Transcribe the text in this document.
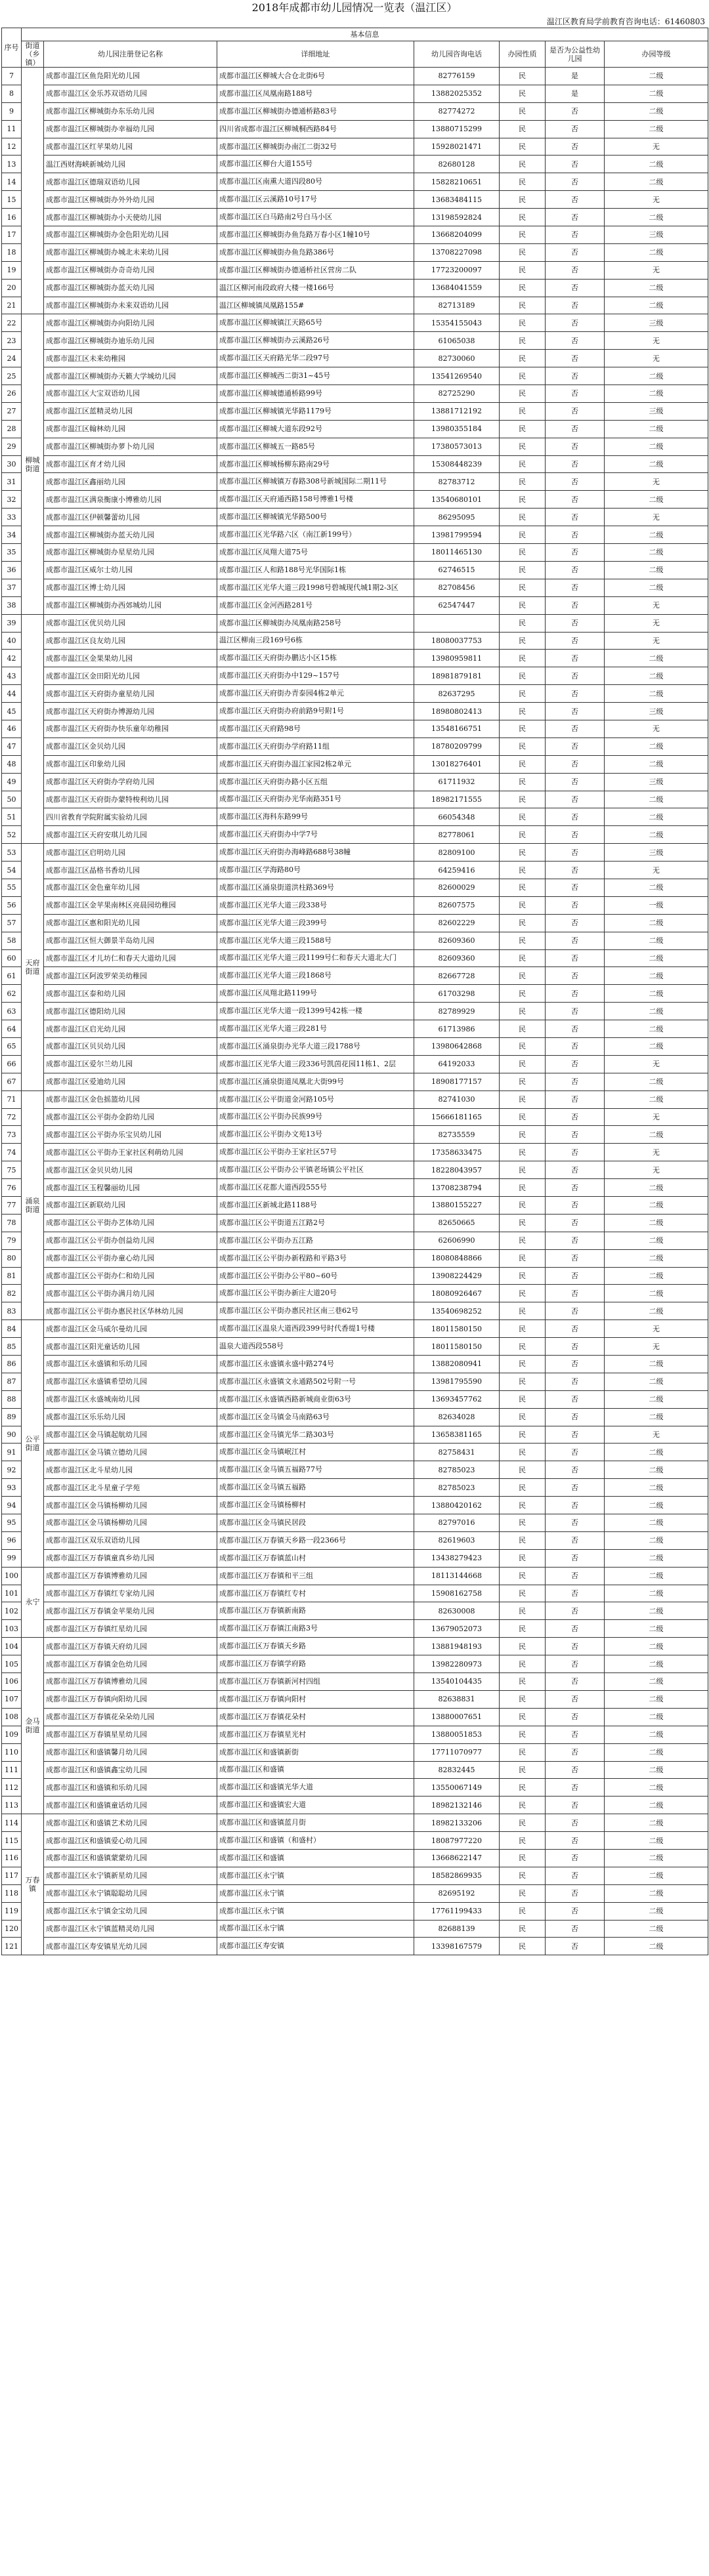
2018年成都市幼儿园情况一览表（温江区）
温江区教育局学前教育咨询电话：61460803
序号	基本信息						
	街道（乡镇）	幼儿园注册登记名称	详细地址	幼儿园咨询电话	办园性质	是否为公益性幼儿园	办园等级
7		成都市温江区鱼凫阳光幼儿园	成都市温江区柳城大合仓北街6号	82776159	民	是	二级
8		成都市温江区金乐苏双语幼儿园	成都市温江区凤凰南路188号	13882025352	民	是	二级
9		成都市温江区柳城街办东乐幼儿园	成都市温江区柳城街办德通桥路83号	82774272	民	否	二级
11		成都市温江区柳城街办幸福幼儿园	四川省成都市温江区柳城桐西路84号	13880715299	民	否	二级
12		成都市温江区红苹果幼儿园	成都市温江区柳城街办南江二街32号	15928021471	民	否	无
13		温江西财海峡新城幼儿园	成都市温江区柳台大道155号	82680128	民	否	二级
14		成都市温江区德瑞双语幼儿园	成都市温江区南熏大道四段80号	15828210651	民	否	二级
15		成都市温江区柳城街办外外幼儿园	成都市温江区云溪路10号17号	13683484115	民	否	无
16		成都市温江区柳城街办小天使幼儿园	成都市温江区白马路南2号白马小区	13198592824	民	否	二级
17		成都市温江区柳城街办金色阳光幼儿园	成都市温江区柳城街办鱼凫路万春小区1幢10号	13668204099	民	否	三级
18		成都市温江区柳城街办城北未来幼儿园	成都市温江区柳城街办鱼凫路386号	13708227098	民	否	二级
19		成都市温江区柳城街办奇奇幼儿园	成都市温江区柳城街办德通桥社区营房二队	17723200097	民	否	无
20		成都市温江区柳城街办蓝天幼儿园	温江区柳河南段政府大楼一楼166号	13684041559	民	否	二级
21		成都市温江区柳城街办未来双语幼儿园	温江区柳城镇凤凰路155#	82713189	民	否	二级
22	柳城街道	成都市温江区柳城街办向阳幼儿园	成都市温江区柳城镇江天路65号	15354155043	民	否	三级
23		成都市温江区柳城街办迪乐幼儿园	成都市温江区柳城街办云溪路26号	61065038	民	否	无
24		成都市温江区未来幼稚园	成都市温江区天府路光华二段97号	82730060	民	否	无
25		成都市温江区柳城街办天籁大学城幼儿园	成都市温江区柳城西二街31~45号	13541269540	民	否	二级
26		成都市温江区大宝双语幼儿园	成都市温江区柳城德通桥路99号	82725290	民	否	二级
27		成都市温江区蓝精灵幼儿园	成都市温江区柳城镇光华路1179号	13881712192	民	否	三级
28		成都市温江区翰林幼儿园	成都市温江区柳城大道东段92号	13980355184	民	否	二级
29		成都市温江区柳城街办萝卜幼儿园	成都市温江区柳城五一路85号	17380573013	民	否	二级
30		成都市温江区育才幼儿园	成都市温江区柳城杨柳东路南29号	15308448239	民	否	二级
31		成都市温江区鑫丽幼儿园	成都市温江区柳城镇万春路308号新城国际二期11号	82783712	民	否	无
32		成都市温江区满泉衡康小博雅幼儿园	成都市温江区天府通西路158号博雅1号楼	13540680101	民	否	二级
33		成都市温江区伊顿馨蕾幼儿园	成都市温江区柳城镇光华路500号	86295095	民	否	无
34		成都市温江区柳城街办蓝天幼儿园	成都市温江区光华路六区（南江新199号）	13981799594	民	否	二级
35		成都市温江区柳城街办星星幼儿园	成都市温江区凤翔大道75号	18011465130	民	否	二级
36		成都市温江区威尔士幼儿园	成都市温江区人和路188号光华国际1栋	62746515	民	否	二级
37		成都市温江区博士幼儿园	成都市温江区光华大道三段1998号碧城现代城1期2-3区	82708456	民	否	二级
38		成都市温江区柳城街办西郊城幼儿园	成都市温江区金河西路281号	62547447	民	否	无
39		成都市温江区优贝幼儿园	成都市温江区柳城街办凤凰南路258号		民	否	无
40		成都市温江区良友幼儿园	温江区柳南三段169号6栋	18080037753	民	否	无
42		成都市温江区金果果幼儿园	成都市温江区天府街办鹏达小区15栋	13980959811	民	否	二级
43		成都市温江区金田阳光幼儿园	成都市温江区天府街办中129~157号	18981879181	民	否	二级
44		成都市温江区天府街办童星幼儿园	成都市温江区天府街办青泰园4栋2单元	82637295	民	否	二级
45		成都市温江区天府街办博源幼儿园	成都市温江区天府街办府前路9号附1号	18980802413	民	否	三级
46		成都市温江区天府街办快乐童年幼稚园	成都市温江区天府路98号	13548166751	民	否	无
47		成都市温江区金贝幼儿园	成都市温江区天府街办学府路11组	18780209799	民	否	二级
48		成都市温江区印象幼儿园	成都市温江区天府街办温江家园2栋2单元	13018276401	民	否	二级
49		成都市温江区天府街办学府幼儿园	成都市温江区天府街办路小区五组	61711932	民	否	三级
50		成都市温江区天府街办蒙特梭利幼儿园	成都市温江区天府街办光华南路351号	18982171555	民	否	二级
51		四川省教育学院附属实验幼儿园	成都市温江区海科东路99号	66054348	民	否	二级
52		成都市温江区天府安琪儿幼儿园	成都市温江区天府街办中学7号	82778061	民	否	二级
53	天府街道	成都市温江区启明幼儿园	成都市温江区天府街办海峰路688号38幢	82809100	民	否	三级
54		成都市温江区晶格书香幼儿园	成都市温江区学海路80号	64259416	民	否	无
55		成都市温江区金色童年幼儿园	成都市温江区涌泉街道洪柱路369号	82600029	民	否	二级
56		成都市温江区金苹果南林区亮晨园幼稚园	成都市温江区光华大道三段338号	82607575	民	否	一级
57		成都市温江区惠和阳光幼儿园	成都市温江区光华大道三段399号	82602229	民	否	二级
58		成都市温江区恒大御景半岛幼儿园	成都市温江区光华大道三段1588号	82609360	民	否	二级
60		成都市温江区才儿坊仁和春天大道幼儿园	成都市温江区光华大道三段1199号仁和春天大道北大门	82609360	民	否	二级
61		成都市温江区阿波罗荣美幼稚园	成都市温江区光华大道三段1868号	82667728	民	否	二级
62		成都市温江区泰和幼儿园	成都市温江区凤翔北路1199号	61703298	民	否	二级
63		成都市温江区德阳幼儿园	成都市温江区光华大道一段1399号42栋一楼	82789929	民	否	二级
64		成都市温江区启光幼儿园	成都市温江区光华大道三段281号	61713986	民	否	二级
65		成都市温江区贝贝幼儿园	成都市温江区涌泉街办光华大道三段1788号	13980642868	民	否	二级
66		成都市温江区爱尔兰幼儿园	成都市温江区光华大道三段336号凯茵花园11栋1、2层	64192033	民	否	无
67		成都市温江区爱迪幼儿园	成都市温江区涌泉街道凤凰北大街99号	18908177157	民	否	二级
71	涌泉街道	成都市温江区金色摇篮幼儿园	成都市温江区公平街道金河路105号	82741030	民	否	二级
72		成都市温江区公平街办金韵幼儿园	成都市温江区公平街办民族99号	15666181165	民	否	无
73		成都市温江区公平街办乐宝贝幼儿园	成都市温江区公平街办文苑13号	82735559	民	否	二级
74		成都市温江区公平街办王家社区利萌幼儿园	成都市温江区公平街办王家社区57号	17358633475	民	否	无
75		成都市温江区金贝贝幼儿园	成都市温江区公平街办公平镇老场镇公平社区	18228043957	民	否	无
76		成都市温江区玉程馨丽幼儿园	成都市温江区花都大道西段555号	13708238794	民	否	二级
77		成都市温江区新联幼儿园	成都市温江区新城北路1188号	13880155227	民	否	二级
78		成都市温江区公平街办艺体幼儿园	成都市温江区公平街道五江路2号	82650665	民	否	二级
79		成都市温江区公平街办创益幼儿园	成都市温江区公平街办五江路	62606990	民	否	二级
80		成都市温江区公平街办童心幼儿园	成都市温江区公平街办新程路和平路3号	18080848866	民	否	二级
81		成都市温江区公平街办仁和幼儿园	成都市温江区公平街办公平80~60号	13908224429	民	否	二级
82		成都市温江区公平街办满月幼儿园	成都市温江区公平街办新庄大道20号	18080926467	民	否	二级
83		成都市温江区公平街办惠民社区华林幼儿园	成都市温江区公平街办惠民社区南三巷62号	13540698252	民	否	二级
84	公平街道	成都市温江区金马威尔曼幼儿园	成都市温江区温泉大道西段399号时代香缇1号楼	18011580150	民	否	无
85		成都市温江区阳光童话幼儿园	温泉大道西段558号	18011580150	民	否	无
86		成都市温江区永盛镇和乐幼儿园	成都市温江区永盛镇永盛中路274号	13882080941	民	否	二级
87		成都市温江区永盛镇希望幼儿园	成都市温江区永盛镇文永通路502号附一号	13981795590	民	否	二级
88		成都市温江区永盛城南幼儿园	成都市温江区永盛镇西路新城商业街63号	13693457762	民	否	二级
89		成都市温江区乐乐幼儿园	成都市温江区金马镇金马南路63号	82634028	民	否	二级
90		成都市温江区金马镇起航幼儿园	成都市温江区金马镇光华二路303号	13658381165	民	否	无
91		成都市温江区金马镇立德幼儿园	成都市温江区金马镇岷江村	82758431	民	否	二级
92		成都市温江区北斗星幼儿园	成都市温江区金马镇五福路77号	82785023	民	否	二级
93		成都市温江区北斗星童子学苑	成都市温江区金马镇五福路	82785023	民	否	二级
94		成都市温江区金马镇杨柳幼儿园	成都市温江区金马镇杨柳村	13880420162	民	否	二级
95		成都市温江区金马镇杨柳幼儿园	成都市温江区金马镇民居段	82797016	民	否	二级
96		成都市温江区双乐双语幼儿园	成都市温江区万春镇天乡路一段2366号	82619603	民	否	二级
99		成都市温江区万春镇童真乡幼儿园	成都市温江区万春镇蓝山村	13438279423	民	否	二级
100	永宁	成都市温江区万春镇博雅幼儿园	成都市温江区万春镇和平三组	18113144668	民	否	二级
101		成都市温江区万春镇红专家幼儿园	成都市温江区万春镇红专村	15908162758	民	否	二级
102		成都市温江区万春镇金苹果幼儿园	成都市温江区万春镇新南路	82630008	民	否	二级
103		成都市温江区万春镇红星幼儿园	成都市温江区万春镇江南路3号	13679052073	民	否	二级
104	金马街道	成都市温江区万春镇天府幼儿园	成都市温江区万春镇天乡路	13881948193	民	否	二级
105		成都市温江区万春镇金色幼儿园	成都市温江区万春镇学府路	13982280973	民	否	二级
106		成都市温江区万春镇博雅幼儿园	成都市温江区万春镇新河村四组	13540104435	民	否	二级
107		成都市温江区万春镇向阳幼儿园	成都市温江区万春镇向阳村	82638831	民	否	二级
108		成都市温江区万春镇花朵朵幼儿园	成都市温江区万春镇花朵村	13880007651	民	否	二级
109		成都市温江区万春镇星星幼儿园	成都市温江区万春镇星光村	13880051853	民	否	二级
110		成都市温江区和盛镇馨月幼儿园	成都市温江区和盛镇新街	17711070977	民	否	二级
111		成都市温江区和盛镇鑫宝幼儿园	成都市温江区和盛镇	82832445	民	否	二级
112		成都市温江区和盛镇和乐幼儿园	成都市温江区和盛镇光华大道	13550067149	民	否	二级
113		成都市温江区和盛镇童话幼儿园	成都市温江区和盛镇宏大道	18982132146	民	否	二级
114	万春镇	成都市温江区和盛镇艺术幼儿园	成都市温江区和盛镇蓝月街	18982133206	民	否	二级
115		成都市温江区和盛镇爱心幼儿园	成都市温江区和盛镇（和盛村）	18087977220	民	否	二级
116		成都市温江区和盛镇蒙蒙幼儿园	成都市温江区和盛镇	13668622147	民	否	二级
117		成都市温江区永宁镇新星幼儿园	成都市温江区永宁镇	18582869935	民	否	二级
118		成都市温江区永宁镇聪聪幼儿园	成都市温江区永宁镇	82695192	民	否	二级
119		成都市温江区永宁镇金宝幼儿园	成都市温江区永宁镇	17761199433	民	否	二级
120		成都市温江区永宁镇蓝精灵幼儿园	成都市温江区永宁镇	82688139	民	否	二级
121		成都市温江区寿安镇星光幼儿园	成都市温江区寿安镇	13398167579	民	否	二级
